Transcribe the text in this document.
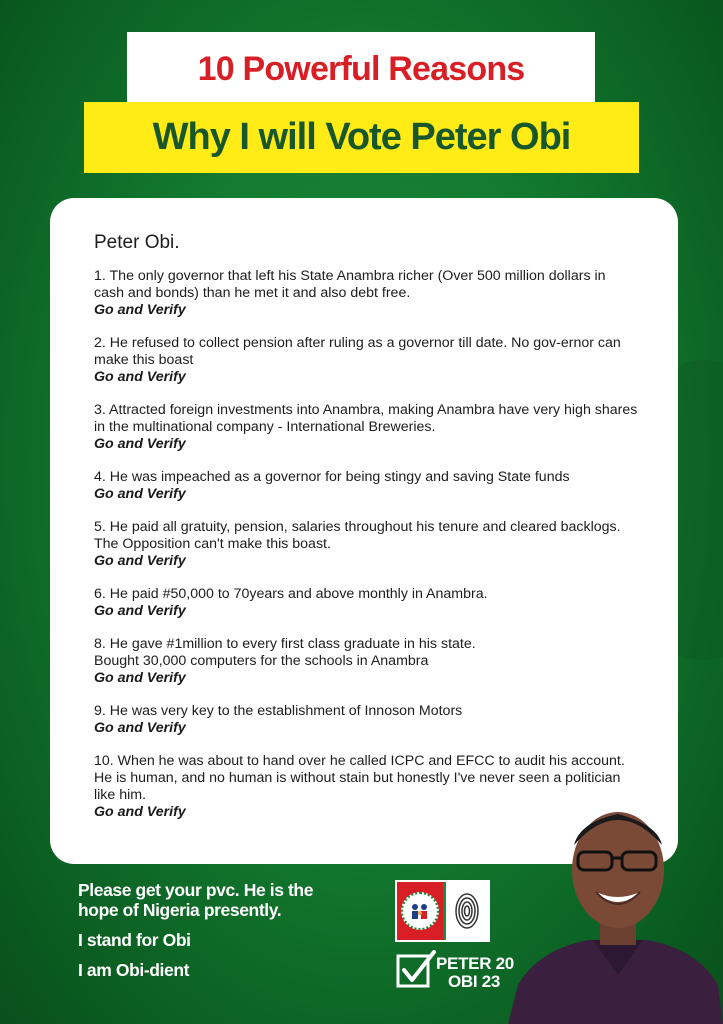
10 Powerful Reasons
Why I will Vote Peter Obi
Peter Obi.
1. The only governor that left his State Anambra richer (Over 500 million dollars in cash and bonds) than he met it and also debt free.
Go and Verify
2. He refused to collect pension after ruling as a governor till date. No gov-ernor can make this boast
Go and Verify
3. Attracted foreign investments into Anambra, making Anambra have very high shares in the multinational company - International Breweries.
Go and Verify
4. He was impeached as a governor for being stingy and saving State funds
Go and Verify
5. He paid all gratuity, pension, salaries throughout his tenure and cleared backlogs. The Opposition can't make this boast.
Go and Verify
6. He paid #50,000 to 70years and above monthly in Anambra.
Go and Verify
8. He gave #1million to every first class graduate in his state.
Bought 30,000 computers for the schools in Anambra
Go and Verify
9. He was very key to the establishment of Innoson Motors
Go and Verify
10. When he was about to hand over he called ICPC and EFCC to audit his account. He is human, and no human is without stain but honestly I've never seen a politician like him.
Go and Verify
Please get your pvc. He is the
hope of Nigeria presently.
I stand for Obi
I am Obi-dient	PETER 20
OBI 23
